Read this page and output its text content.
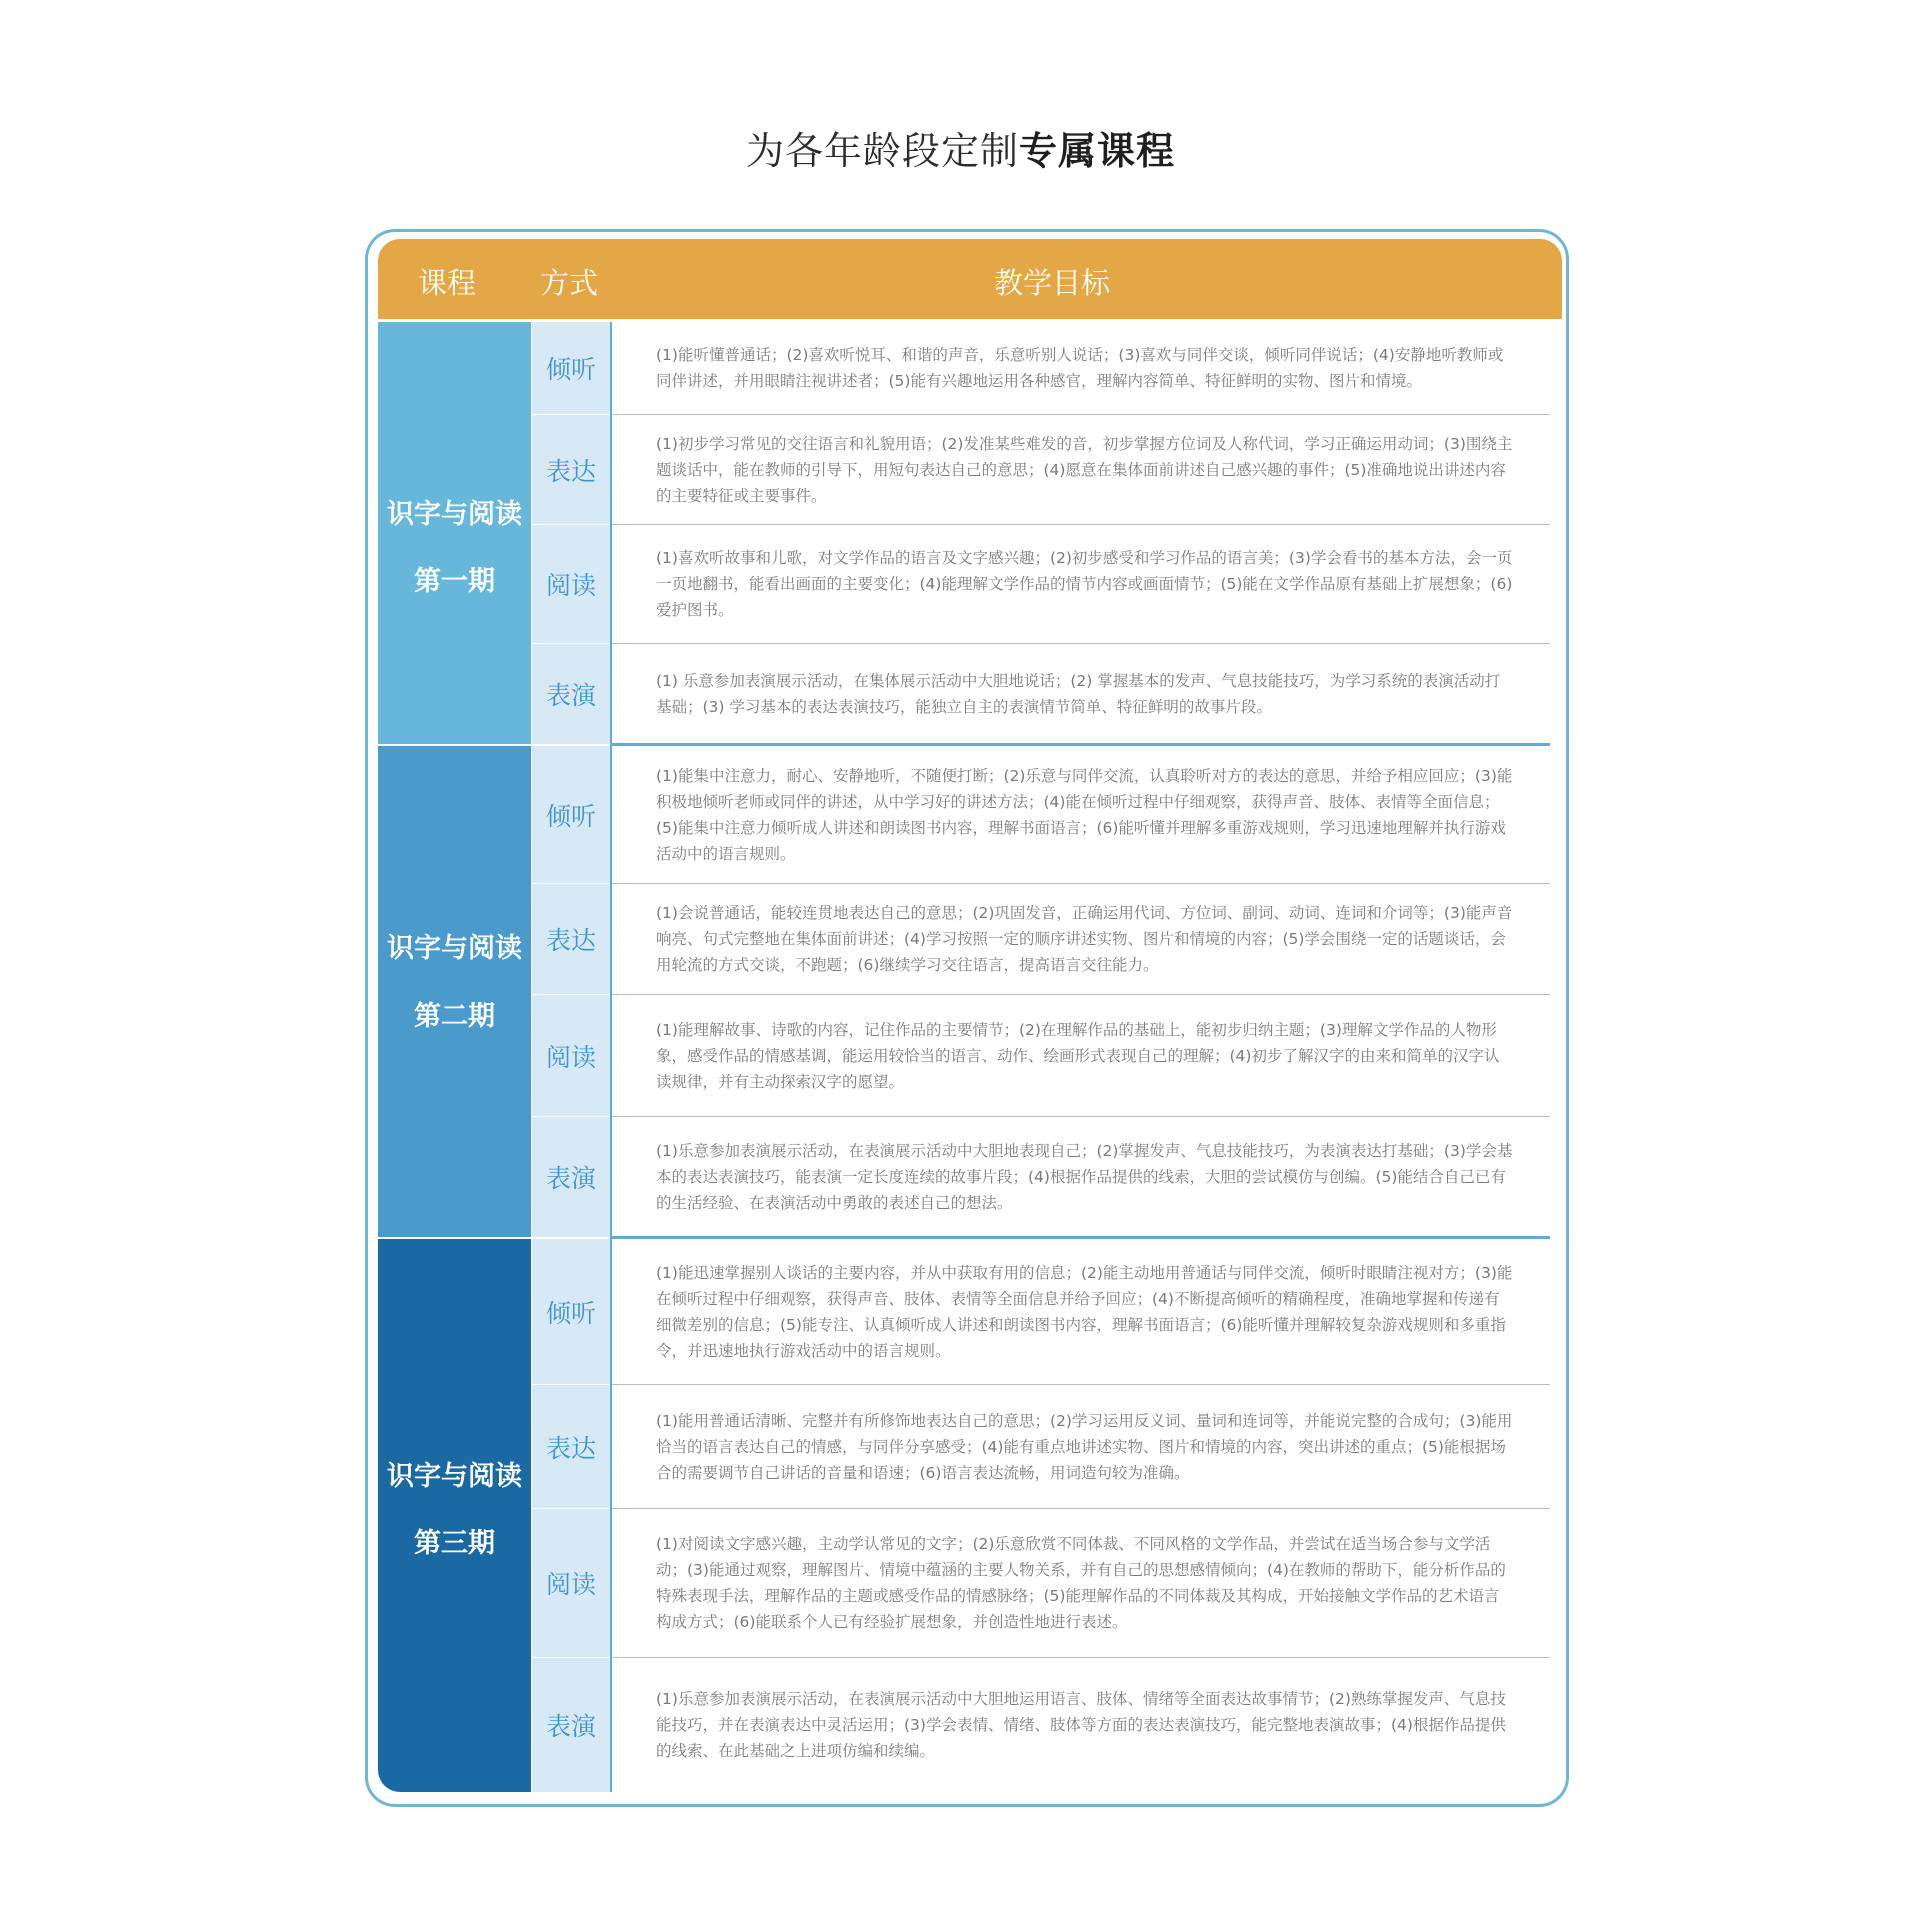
为各年龄段定制专属课程
课程 方式	教学目标
识字与阅读
第一期
识字与阅读
第二期
识字与阅读
第三期
倾听
表达
阅读
表演
倾听
表达
阅读
表演
倾听
表达
阅读
表演
(1)能听懂普通话；(2)喜欢听悦耳、和谐的声音，乐意听别人说话；(3)喜欢与同伴交谈，倾听同伴说话；(4)安静地听教师或同伴讲述，并用眼睛注视讲述者；(5)能有兴趣地运用各种感官，理解内容简单、特征鲜明的实物、图片和情境。
(1)初步学习常见的交往语言和礼貌用语；(2)发准某些难发的音，初步掌握方位词及人称代词，学习正确运用动词；(3)围绕主题谈话中，能在教师的引导下，用短句表达自己的意思；(4)愿意在集体面前讲述自己感兴趣的事件；(5)准确地说出讲述内容的主要特征或主要事件。
(1)喜欢听故事和儿歌，对文学作品的语言及文字感兴趣；(2)初步感受和学习作品的语言美；(3)学会看书的基本方法，会一页一页地翻书，能看出画面的主要变化；(4)能理解文学作品的情节内容或画面情节；(5)能在文学作品原有基础上扩展想象；(6)爱护图书。
(1) 乐意参加表演展示活动，在集体展示活动中大胆地说话；(2) 掌握基本的发声、气息技能技巧，为学习系统的表演活动打基础；(3) 学习基本的表达表演技巧，能独立自主的表演情节简单、特征鲜明的故事片段。
(1)能集中注意力，耐心、安静地听，不随便打断；(2)乐意与同伴交流，认真聆听对方的表达的意思，并给予相应回应；(3)能积极地倾听老师或同伴的讲述，从中学习好的讲述方法；(4)能在倾听过程中仔细观察，获得声音、肢体、表情等全面信息；(5)能集中注意力倾听成人讲述和朗读图书内容，理解书面语言；(6)能听懂并理解多重游戏规则，学习迅速地理解并执行游戏活动中的语言规则。
(1)会说普通话，能较连贯地表达自己的意思；(2)巩固发音，正确运用代词、方位词、副词、动词、连词和介词等；(3)能声音响亮、句式完整地在集体面前讲述；(4)学习按照一定的顺序讲述实物、图片和情境的内容；(5)学会围绕一定的话题谈话，会用轮流的方式交谈，不跑题；(6)继续学习交往语言，提高语言交往能力。
(1)能理解故事、诗歌的内容，记住作品的主要情节；(2)在理解作品的基础上，能初步归纳主题；(3)理解文学作品的人物形象，感受作品的情感基调，能运用较恰当的语言、动作、绘画形式表现自己的理解；(4)初步了解汉字的由来和简单的汉字认读规律，并有主动探索汉字的愿望。
(1)乐意参加表演展示活动，在表演展示活动中大胆地表现自己；(2)掌握发声、气息技能技巧，为表演表达打基础；(3)学会基本的表达表演技巧，能表演一定长度连续的故事片段；(4)根据作品提供的线索，大胆的尝试模仿与创编。(5)能结合自己已有的生活经验、在表演活动中勇敢的表述自己的想法。
(1)能迅速掌握别人谈话的主要内容，并从中获取有用的信息；(2)能主动地用普通话与同伴交流，倾听时眼睛注视对方；(3)能在倾听过程中仔细观察，获得声音、肢体、表情等全面信息并给予回应；(4)不断提高倾听的精确程度，准确地掌握和传递有细微差别的信息；(5)能专注、认真倾听成人讲述和朗读图书内容，理解书面语言；(6)能听懂并理解较复杂游戏规则和多重指令，并迅速地执行游戏活动中的语言规则。
(1)能用普通话清晰、完整并有所修饰地表达自己的意思；(2)学习运用反义词、量词和连词等，并能说完整的合成句；(3)能用恰当的语言表达自己的情感，与同伴分享感受；(4)能有重点地讲述实物、图片和情境的内容，突出讲述的重点；(5)能根据场合的需要调节自己讲话的音量和语速；(6)语言表达流畅，用词造句较为准确。
(1)对阅读文字感兴趣，主动学认常见的文字；(2)乐意欣赏不同体裁、不同风格的文学作品，并尝试在适当场合参与文学活动；(3)能通过观察，理解图片、情境中蕴涵的主要人物关系，并有自己的思想感情倾向；(4)在教师的帮助下，能分析作品的特殊表现手法，理解作品的主题或感受作品的情感脉络；(5)能理解作品的不同体裁及其构成，开始接触文学作品的艺术语言构成方式；(6)能联系个人已有经验扩展想象，并创造性地进行表述。
(1)乐意参加表演展示活动，在表演展示活动中大胆地运用语言、肢体、情绪等全面表达故事情节；(2)熟练掌握发声、气息技能技巧，并在表演表达中灵活运用；(3)学会表情、情绪、肢体等方面的表达表演技巧，能完整地表演故事；(4)根据作品提供的线索、在此基础之上进项仿编和续编。
